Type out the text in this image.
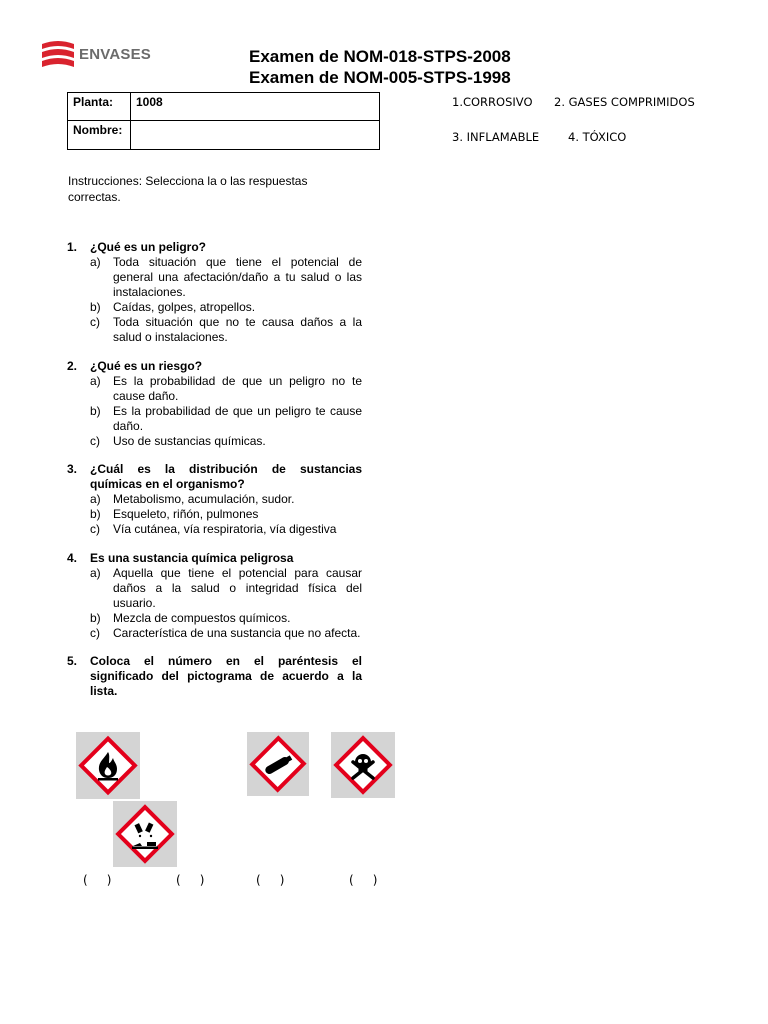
ENVASES	Examen de NOM-018-STPS-2008
Examen de NOM-005-STPS-1998
Planta:	1008
Nombre:	
1.CORROSIVO 2. GASES COMPRIMIDOS
3. INFLAMABLE	4. TÓXICO
Instrucciones: Selecciona la o las respuestas correctas.
1.	¿Qué es un peligro?
a)	Toda situación que tiene el potencial de general una afectación/daño a tu salud o las instalaciones.
b)	Caídas, golpes, atropellos.
c)	Toda situación que no te causa daños a la salud o instalaciones.
2.	¿Qué es un riesgo?
a)	Es la probabilidad de que un peligro no te cause daño.
b)	Es la probabilidad de que un peligro te cause daño.
c)	Uso de sustancias químicas.
3.	¿Cuál es la distribución de sustancias químicas en el organismo?
a)	Metabolismo, acumulación, sudor.
b)	Esqueleto, riñón, pulmones
c)	Vía cutánea, vía respiratoria, vía digestiva
4.	Es una sustancia química peligrosa
a)	Aquella que tiene el potencial para causar daños a la salud o integridad física del usuario.
b)	Mezcla de compuestos químicos.
c)	Característica de una sustancia que no afecta.
5.	Coloca el número en el paréntesis el significado del pictograma de acuerdo a la lista.
(     )	(     )	(     )	(     )
